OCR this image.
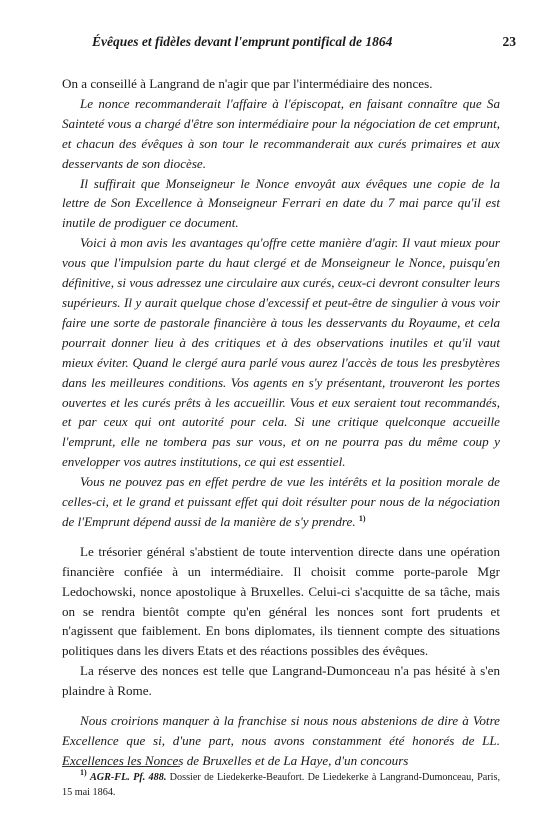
Évêques et fidèles devant l'emprunt pontifical de 1864	23

On a conseillé à Langrand de n'agir que par l'intermédiaire des nonces.

Le nonce recommanderait l'affaire à l'épiscopat, en faisant connaître que Sa Sainteté vous a chargé d'être son intermédiaire pour la négociation de cet emprunt, et chacun des évêques à son tour le recommanderait aux curés primaires et aux desservants de son diocèse.

Il suffirait que Monseigneur le Nonce envoyât aux évêques une copie de la lettre de Son Excellence à Monseigneur Ferrari en date du 7 mai parce qu'il est inutile de prodiguer ce document.

Voici à mon avis les avantages qu'offre cette manière d'agir. Il vaut mieux pour vous que l'impulsion parte du haut clergé et de Monseigneur le Nonce, puisqu'en définitive, si vous adressez une circulaire aux curés, ceux-ci devront consulter leurs supérieurs. Il y aurait quelque chose d'excessif et peut-être de singulier à vous voir faire une sorte de pastorale financière à tous les desservants du Royaume, et cela pourrait donner lieu à des critiques et à des observations inutiles et qu'il vaut mieux éviter. Quand le clergé aura parlé vous aurez l'accès de tous les presbytères dans les meilleures conditions. Vos agents en s'y présentant, trouveront les portes ouvertes et les curés prêts à les accueillir. Vous et eux seraient tout recommandés, et par ceux qui ont autorité pour cela. Si une critique quelconque accueille l'emprunt, elle ne tombera pas sur vous, et on ne pourra pas du même coup y envelopper vos autres institutions, ce qui est essentiel.

Vous ne pouvez pas en effet perdre de vue les intérêts et la position morale de celles-ci, et le grand et puissant effet qui doit résulter pour nous de la négociation de l'Emprunt dépend aussi de la manière de s'y prendre. $^{1)}$

Le trésorier général s'abstient de toute intervention directe dans une opération financière confiée à un intermédiaire. Il choisit comme porte-parole Mgr Ledochowski, nonce apostolique à Bruxelles. Celui-ci s'acquitte de sa tâche, mais on se rendra bientôt compte qu'en général les nonces sont fort prudents et n'agissent que faiblement. En bons diplomates, ils tiennent compte des situations politiques dans les divers Etats et des réactions possibles des évêques.

La réserve des nonces est telle que Langrand-Dumonceau n'a pas hésité à s'en plaindre à Rome.

Nous croirions manquer à la franchise si nous nous abstenions de dire à Votre Excellence que si, d'une part, nous avons constamment été honorés de LL. Excellences les Nonces de Bruxelles et de La Haye, d'un concours

$^{1)}$ AGR-FL. Pf. 488. Dossier de Liedekerke-Beaufort. De Liedekerke à Langrand-Dumonceau, Paris, 15 mai 1864.
